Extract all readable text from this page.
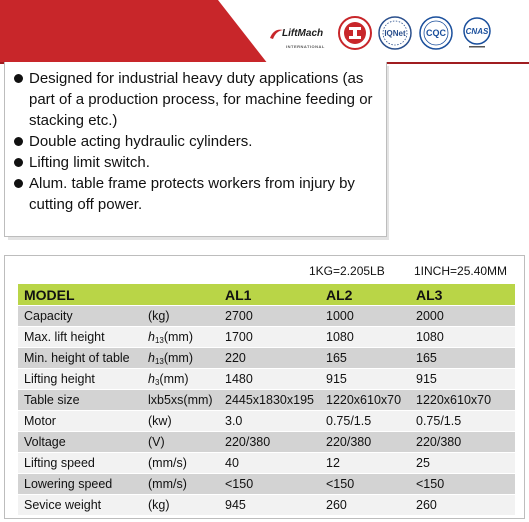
LiftMach
INTERNATIONAL
IQNet CQC CNAS
Designed for industrial heavy duty applications (as part of a production process, for machine feeding or stacking etc.)
Double acting hydraulic cylinders.
Lifting limit switch.
Alum. table frame protects workers from injury by cutting off power.
1KG=2.205LB 1INCH=25.40MM
MODEL		AL1	AL2	AL3
Capacity	(kg)	2700	1000	2000
Max. lift height	$h_{13}(mm)$	1700	1080	1080
Min. height of table	$h_{13}(mm)$	220	165	165
Lifting height	$h_3(mm)$	1480	915	915
Table size	lxb5xs(mm)	2445x1830x195	1220x610x70	1220x610x70
Motor	(kw)	3.0	0.75/1.5	0.75/1.5
Voltage	(V)	220/380	220/380	220/380
Lifting speed	(mm/s)	40	12	25
Lowering speed	(mm/s)	<150	<150	<150
Sevice weight	(kg)	945	260	260
